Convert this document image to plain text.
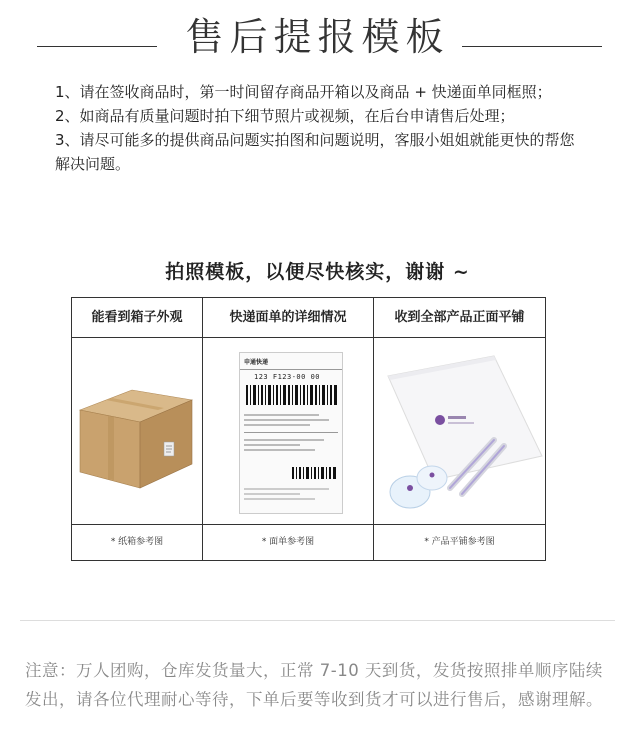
售后提报模板

1、请在签收商品时，第一时间留存商品开箱以及商品 + 快递面单同框照；

2、如商品有质量问题时拍下细节照片或视频，在后台申请售后处理；

3、请尽可能多的提供商品问题实拍图和问题说明，客服小姐姐就能更快的帮您解决问题。

拍照模板，以便尽快核实，谢谢 ~
能看到箱子外观
* 纸箱参考图
快递面单的详细情况
申通快递
123 F123-00 00
* 面单参考图
收到全部产品正面平铺
* 产品平铺参考图
注意：万人团购，仓库发货量大，正常 7-10 天到货，发货按照排单顺序陆续发出，请各位代理耐心等待，下单后要等收到货才可以进行售后，感谢理解。
